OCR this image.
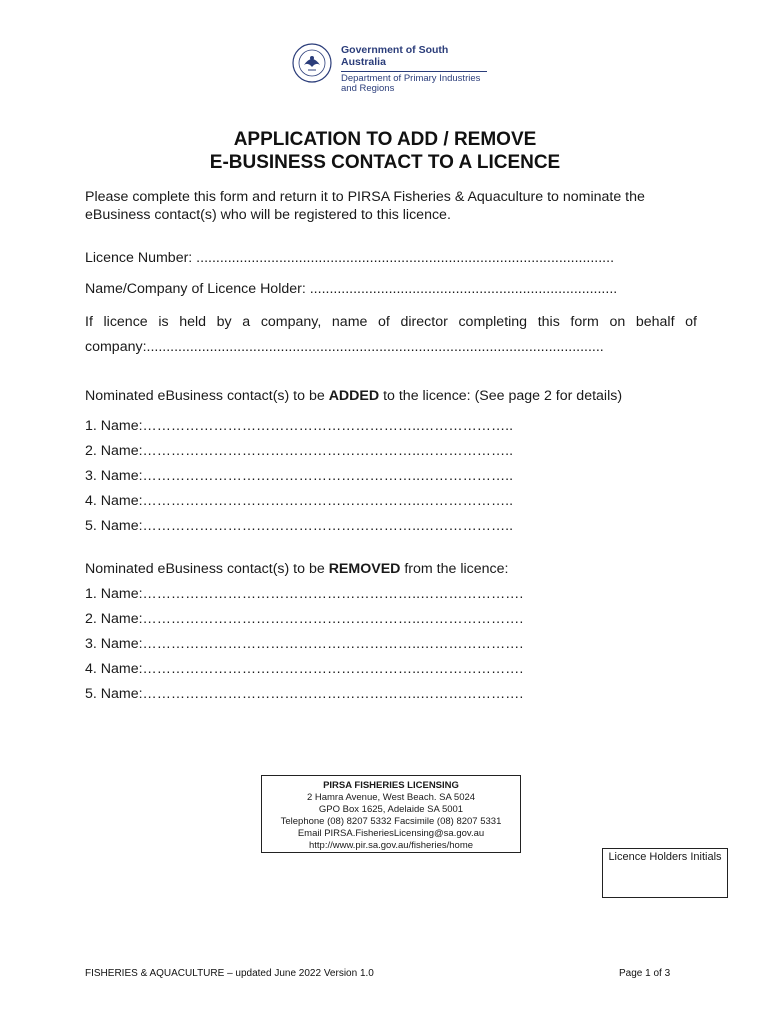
Government of South Australia
Department of Primary Industries
and Regions
APPLICATION TO ADD / REMOVE
E-BUSINESS CONTACT TO A LICENCE
Please complete this form and return it to PIRSA Fisheries & Aquaculture to nominate the eBusiness contact(s) who will be registered to this licence.
Licence Number: ..........................................................................................................
Name/Company of Licence Holder: ..............................................................................
If licence is held by a company, name of director completing this form on behalf of
company:....................................................................................................................
Nominated eBusiness contact(s) to be ADDED to the licence: (See page 2 for details)
1. Name:…………………………………………………..………………..
2. Name:…………………………………………………..………………..
3. Name:…………………………………………………..………………..
4. Name:…………………………………………………..………………..
5. Name:…………………………………………………..………………..
Nominated eBusiness contact(s) to be REMOVED from the licence:
1. Name:…………………………………………………..………………….
2. Name:…………………………………………………..………………….
3. Name:…………………………………………………..………………….
4. Name:…………………………………………………..………………….
5. Name:…………………………………………………..………………….
PIRSA FISHERIES LICENSING
2 Hamra Avenue, West Beach. SA 5024
GPO Box 1625, Adelaide SA 5001
Telephone (08) 8207 5332 Facsimile (08) 8207 5331
Email PIRSA.FisheriesLicensing@sa.gov.au
http://www.pir.sa.gov.au/fisheries/home
Licence Holders Initials
FISHERIES & AQUACULTURE – updated June 2022 Version 1.0	Page 1 of 3
